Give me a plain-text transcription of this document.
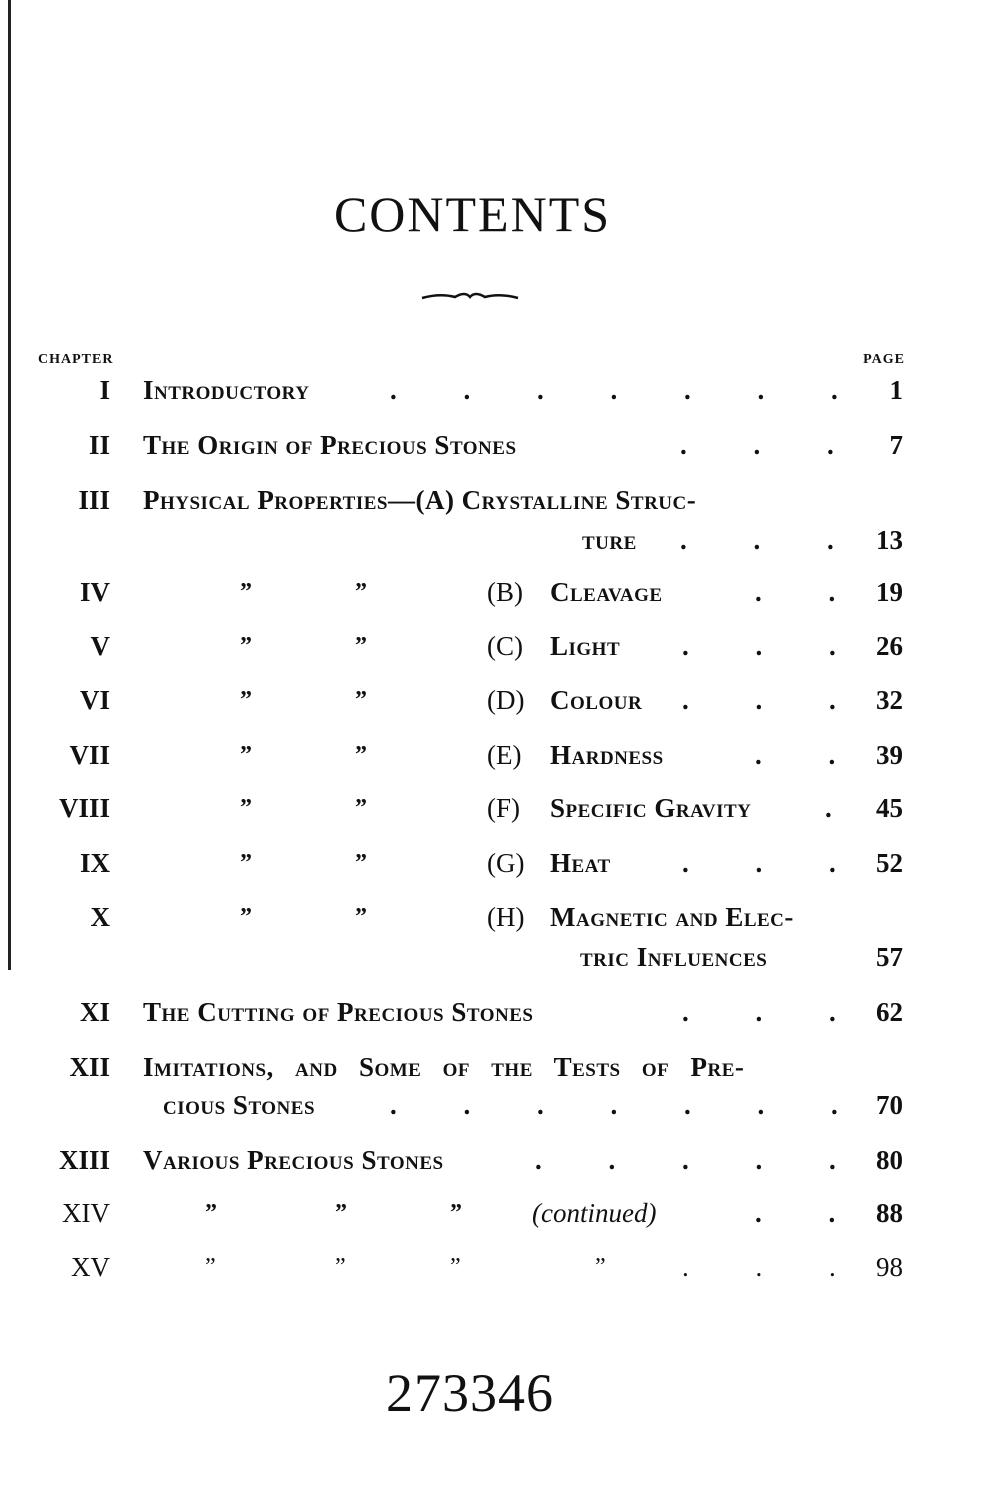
CONTENTS
CHAPTER	PAGE
I Introductory . . .	1
II The Origin of Precious Stones . . .	7
III Physical Properties—(A) Crystalline Struc-
ture . . .	13
IV	”	”	(B) Cleavage . . .	19
V	”	”	(C) Light . . .	26
VI	”	”	(D) Colour . . .	32
VII	”	”	(E) Hardness . . .	39
VIII	”	”	(F) Specific Gravity . . .	45
IX	”	”	(G) Heat . . .	52
X	”	”	(H) Magnetic and Elec-
tric Influences	57
XI The Cutting of Precious Stones . . .	62
XII Imitations, and Some of the Tests of Pre-
cious Stones . . .	70
XIII Various Precious Stones . . .	80
XIV	”	”	”	(continued) . . .	88
XV	”	”	”	” . . .	98
273346
